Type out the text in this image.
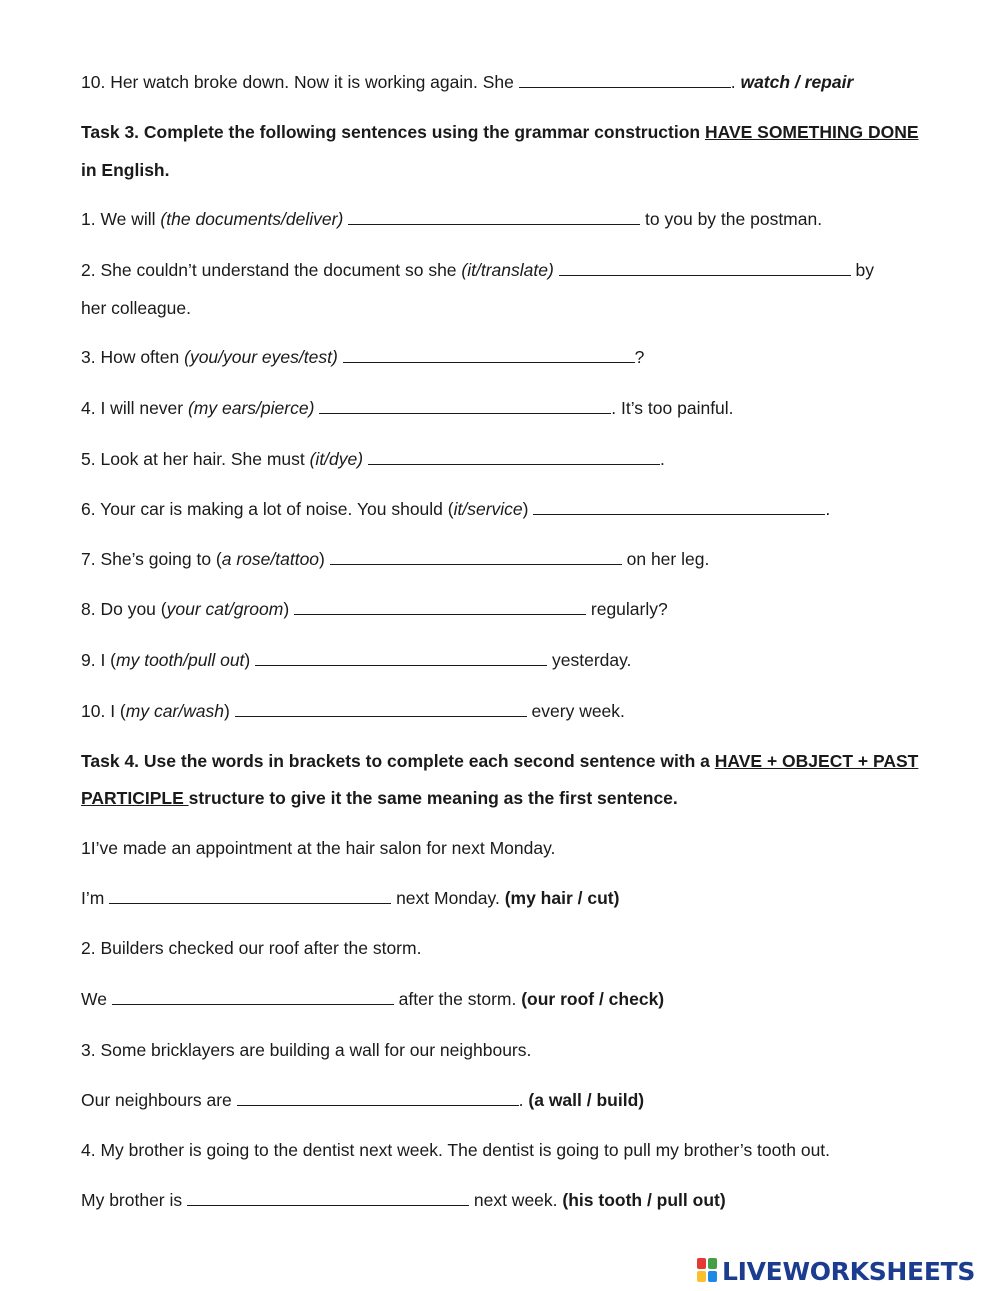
10. Her watch broke down. Now it is working again. She	. watch / repair
Task 3. Complete the following sentences using the grammar construction HAVE SOMETHING DONE
in English.
1. We will (the documents/deliver)	to you by the postman.
2. She couldn’t understand the document so she (it/translate)	by
her colleague.
3. How often (you/your eyes/test)	?
4. I will never (my ears/pierce)	. It’s too painful.
5. Look at her hair. She must (it/dye)	.
6. Your car is making a lot of noise. You should (it/service)	.
7. She’s going to (a rose/tattoo)	on her leg.
8. Do you (your cat/groom)	regularly?
9. I (my tooth/pull out)	yesterday.
10. I (my car/wash)	every week.
Task 4. Use the words in brackets to complete each second sentence with a HAVE + OBJECT + PAST
PARTICIPLE structure to give it the same meaning as the first sentence.
1I’ve made an appointment at the hair salon for next Monday.
I’m	next Monday. (my hair / cut)
2. Builders checked our roof after the storm.
We	after the storm. (our roof / check)
3. Some bricklayers are building a wall for our neighbours.
Our neighbours are	. (a wall / build)
4. My brother is going to the dentist next week. The dentist is going to pull my brother’s tooth out.
My brother is	next week. (his tooth / pull out)
LIVEWORKSHEETS
